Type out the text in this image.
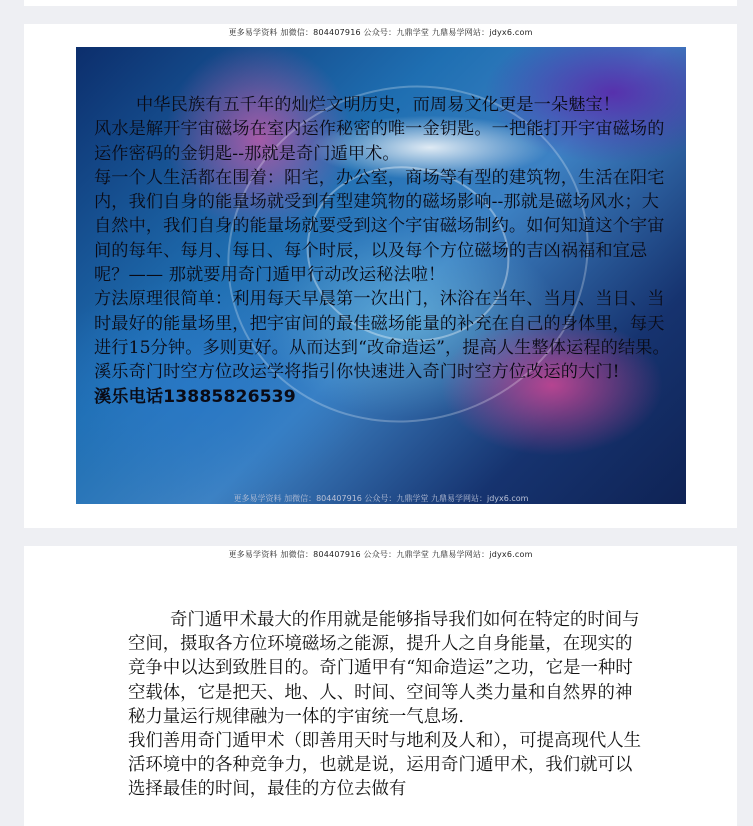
更多易学资料 加微信：804407916 公众号：九鼎学堂 九鼎易学网站：jdyx6.com

中华民族有五千年的灿烂文明历史，而周易文化更是一朵魅宝！

风水是解开宇宙磁场在室内运作秘密的唯一金钥匙。一把能打开宇宙磁场的运作密码的金钥匙--那就是奇门遁甲术。

每一个人生活都在围着：阳宅，办公室，商场等有型的建筑物，生活在阳宅内，我们自身的能量场就受到有型建筑物的磁场影响--那就是磁场风水；大自然中，我们自身的能量场就要受到这个宇宙磁场制约。如何知道这个宇宙间的每年、每月、每日、每个时辰，以及每个方位磁场的吉凶祸福和宜忌呢？—— 那就要用奇门遁甲行动改运秘法啦！

方法原理很简单：利用每天早晨第一次出门，沐浴在当年、当月、当日、当时最好的能量场里，把宇宙间的最佳磁场能量的补充在自己的身体里，每天进行15分钟。多则更好。从而达到“改命造运”，提高人生整体运程的结果。溪乐奇门时空方位改运学将指引你快速进入奇门时空方位改运的大门!

溪乐电话13885826539

更多易学资料 加微信：804407916 公众号：九鼎学堂 九鼎易学网站：jdyx6.com
更多易学资料 加微信：804407916 公众号：九鼎学堂 九鼎易学网站：jdyx6.com

奇门遁甲术最大的作用就是能够指导我们如何在特定的时间与空间，摄取各方位环境磁场之能源，提升人之自身能量，在现实的竞争中以达到致胜目的。奇门遁甲有“知命造运”之功，它是一种时空载体，它是把天、地、人、时间、空间等人类力量和自然界的神秘力量运行规律融为一体的宇宙统一气息场.

我们善用奇门遁甲术（即善用天时与地利及人和），可提高现代人生活环境中的各种竞争力，也就是说，运用奇门遁甲术，我们就可以选择最佳的时间，最佳的方位去做有
